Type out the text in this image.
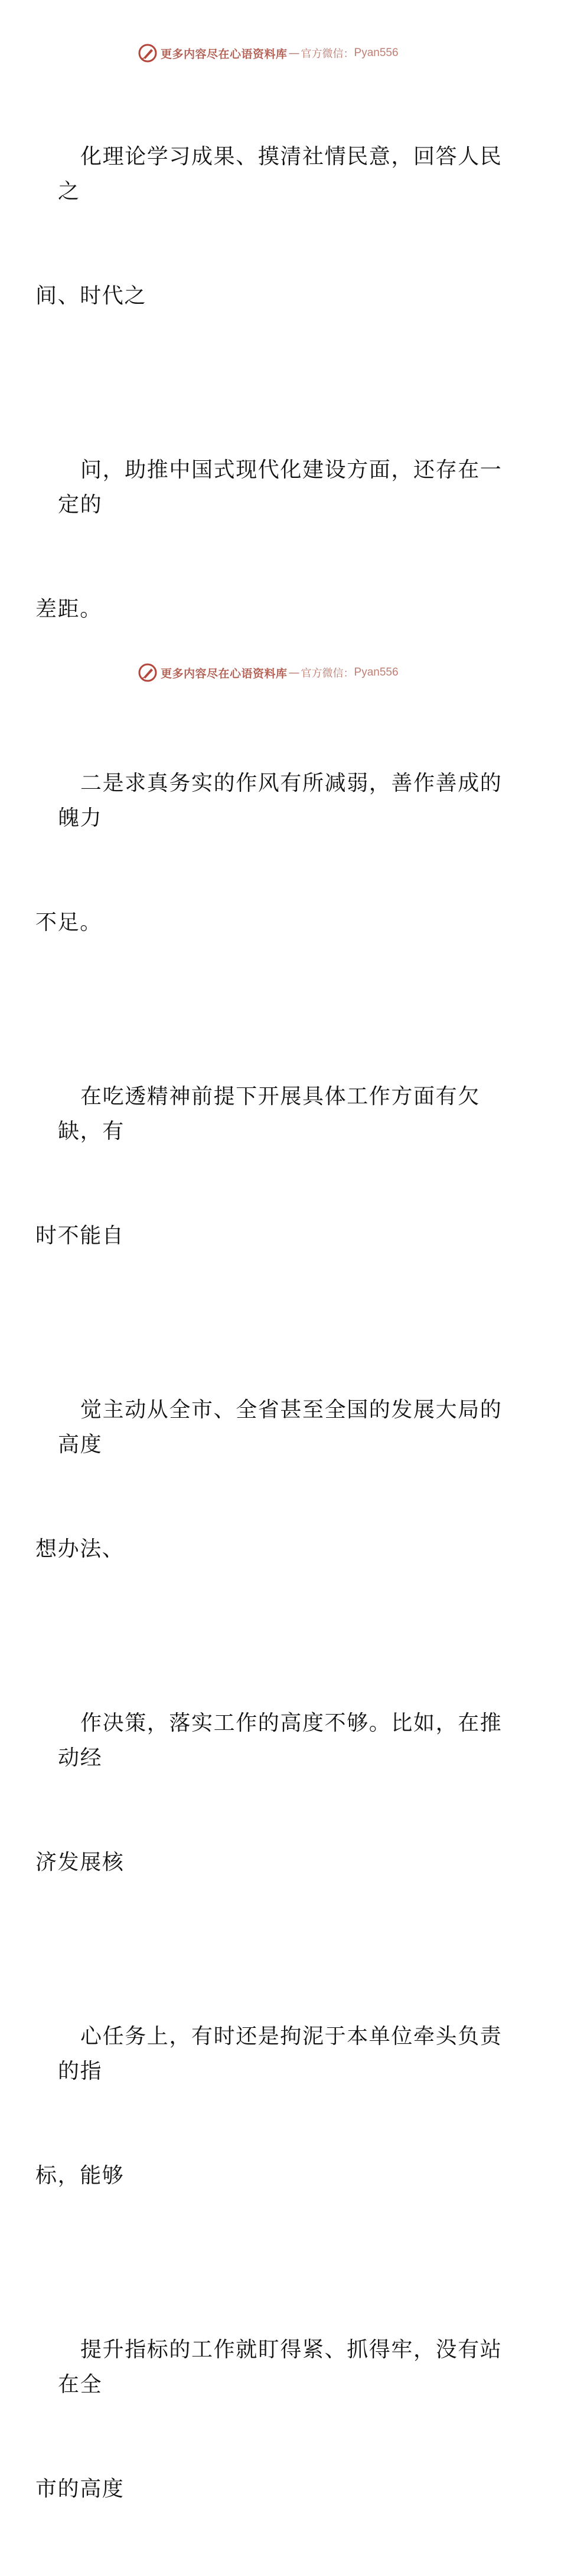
更多内容尽在心语资料库 — 官方微信： Pyan556

化理论学习成果、摸清社情民意，回答人民之

间、时代之

问，助推中国式现代化建设方面，还存在一定的

差距。

二是求真务实的作风有所减弱，善作善成的魄力

不足。

在吃透精神前提下开展具体工作方面有欠缺，有

时不能自

觉主动从全市、全省甚至全国的发展大局的高度

想办法、

作决策，落实工作的高度不够。比如，在推动经

济发展核

心任务上，有时还是拘泥于本单位牵头负责的指

标，能够

提升指标的工作就盯得紧、抓得牢，没有站在全

市的高度

更多内容尽在心语资料库 — 官方微信： Pyan556
